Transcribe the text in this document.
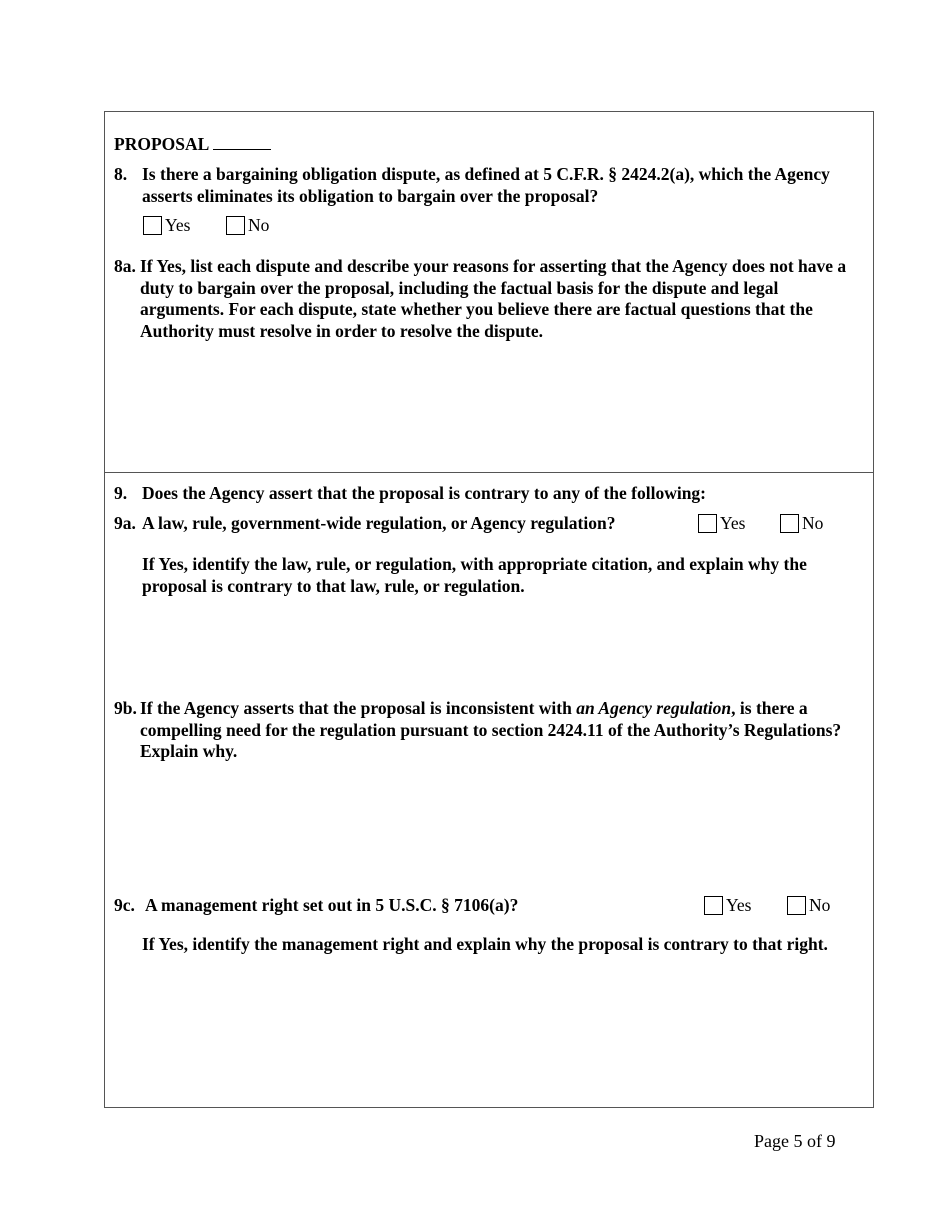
PROPOSAL
8. Is there a bargaining obligation dispute, as defined at 5 C.F.R. § 2424.2(a), which the Agency asserts eliminates its obligation to bargain over the proposal?
Yes	No
8a. If Yes, list each dispute and describe your reasons for asserting that the Agency does not have a duty to bargain over the proposal, including the factual basis for the dispute and legal arguments. For each dispute, state whether you believe there are factual questions that the Authority must resolve in order to resolve the dispute.
9. Does the Agency assert that the proposal is contrary to any of the following:
9a. A law, rule, government-wide regulation, or Agency regulation?	Yes	No
If Yes, identify the law, rule, or regulation, with appropriate citation, and explain why the proposal is contrary to that law, rule, or regulation.
9b. If the Agency asserts that the proposal is inconsistent with an Agency regulation, is there a compelling need for the regulation pursuant to section 2424.11 of the Authority’s Regulations? Explain why.
9c. A management right set out in 5 U.S.C. § 7106(a)?	Yes	No
If Yes, identify the management right and explain why the proposal is contrary to that right.
Page 5 of 9
